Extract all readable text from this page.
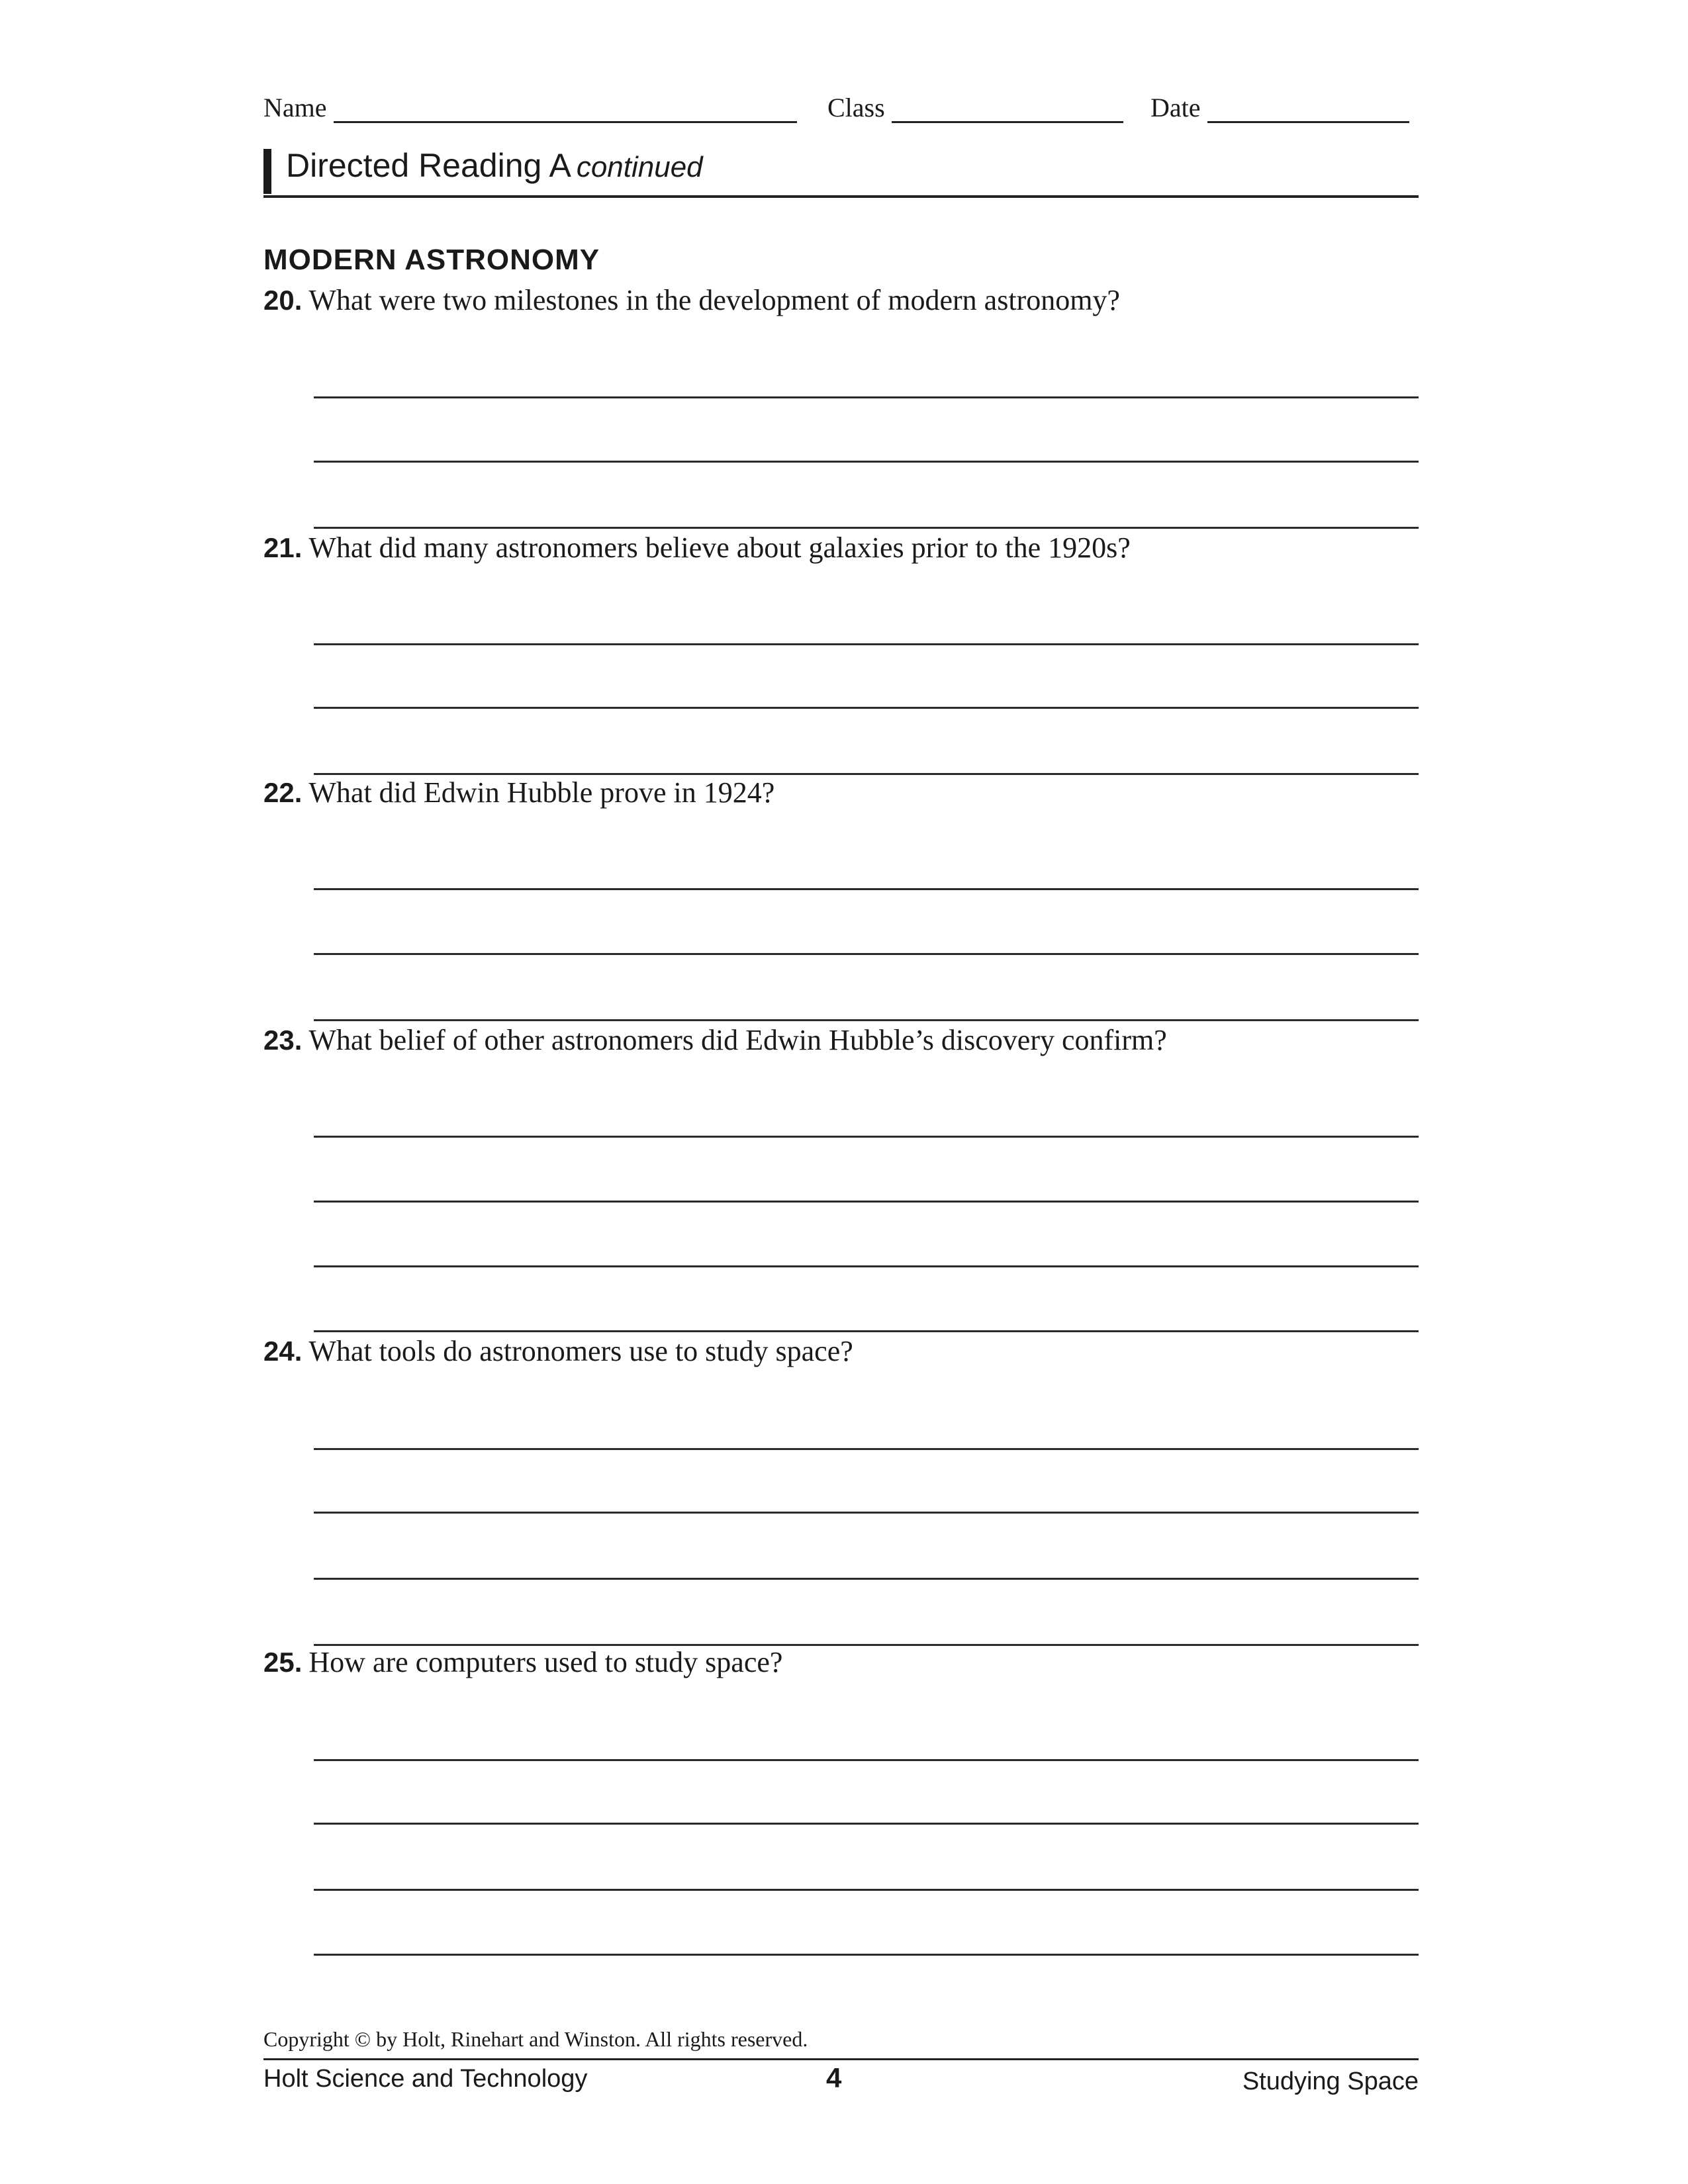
Name	Class	Date
Directed Reading A continued
MODERN ASTRONOMY
20. What were two milestones in the development of modern astronomy?
21. What did many astronomers believe about galaxies prior to the 1920s?
22. What did Edwin Hubble prove in 1924?
23. What belief of other astronomers did Edwin Hubble’s discovery confirm?
24. What tools do astronomers use to study space?
25. How are computers used to study space?
Copyright © by Holt, Rinehart and Winston. All rights reserved.
Holt Science and Technology	4	Studying Space
